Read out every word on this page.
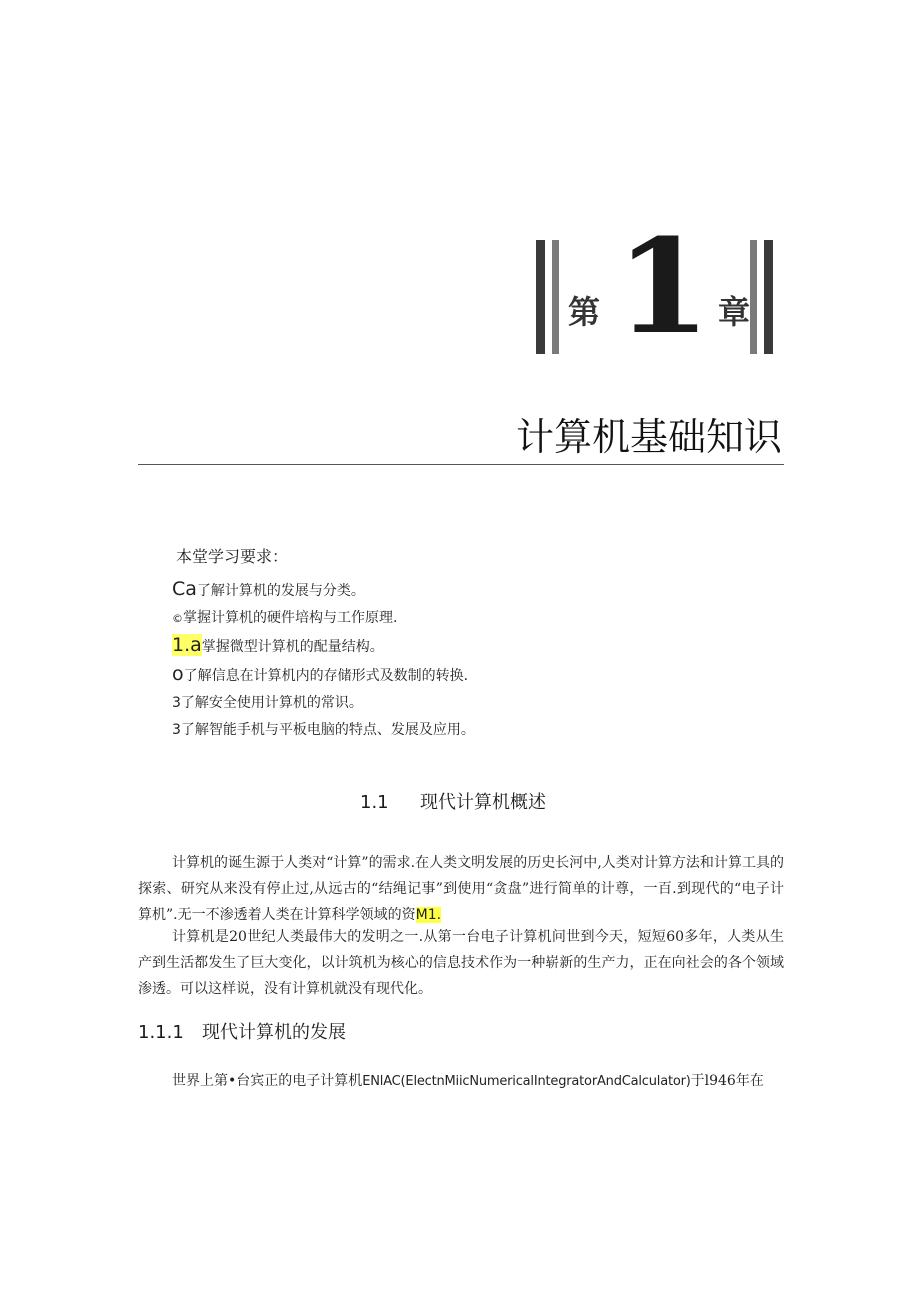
第 1 章
计算机基础知识
本堂学习要求：
Ca了解计算机的发展与分类。
©掌握计算机的硬件培构与工作原理.
1.a掌握微型计算机的配量结构。
o了解信息在计算机内的存储形式及数制的转换.
3了解安全使用计算机的常识。
3了解智能手机与平板电脑的特点、发展及应用。
1.1 现代计算机概述

计算机的诞生源于人类对“计算”的需求.在人类文明发展的历史长河中,人类对计算方法和计算工具的探索、研究从来没有停止过,从远古的“结绳记事”到使用“贪盘”进行简单的计尊，一百.到现代的“电子计算机”.无一不渗透着人类在计算科学领域的资M1.

计算机是20世纪人类最伟大的发明之一.从第一台电子计算机问世到今天，短短60多年，人类从生产到生活都发生了巨大变化，以计筑机为核心的信息技术作为一种崭新的生产力，正在向社会的各个领域渗透。可以这样说，没有计算机就没有现代化。

1.1.1 现代计算机的发展

世界上第•台宾正的电子计算机ENlAC(ElectnMiicNumericalIntegratorAndCalculator)于l946年在
